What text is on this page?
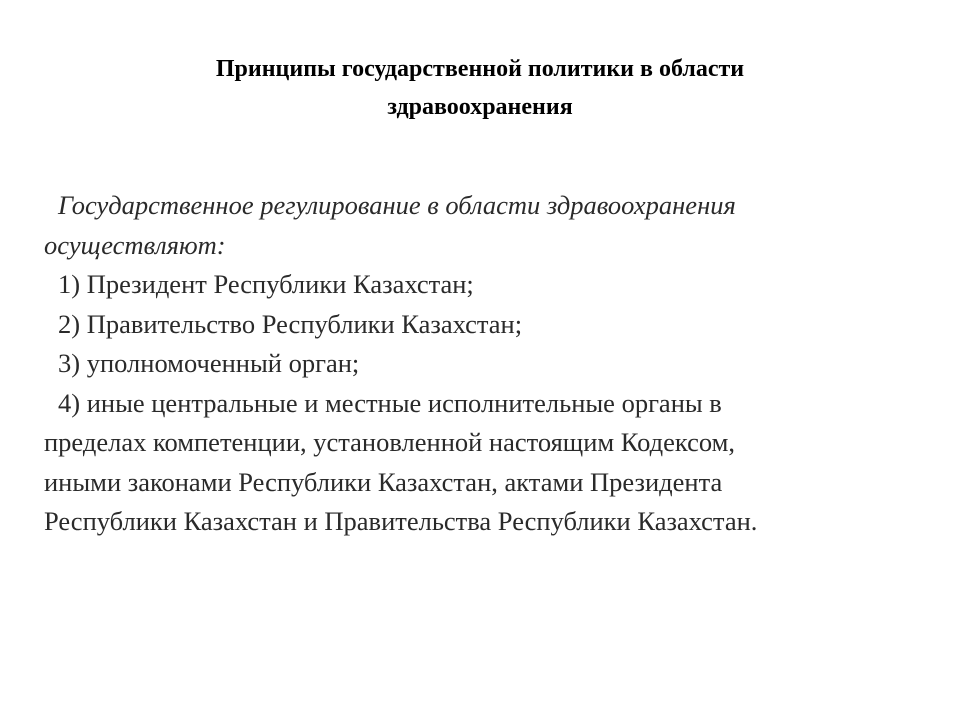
Принципы государственной политики в области
здравоохранения
Государственное регулирование в области здравоохранения
осуществляют:
1) Президент Республики Казахстан;
2) Правительство Республики Казахстан;
3) уполномоченный орган;
4) иные центральные и местные исполнительные органы в
пределах компетенции, установленной настоящим Кодексом,
иными законами Республики Казахстан, актами Президента
Республики Казахстан и Правительства Республики Казахстан.
